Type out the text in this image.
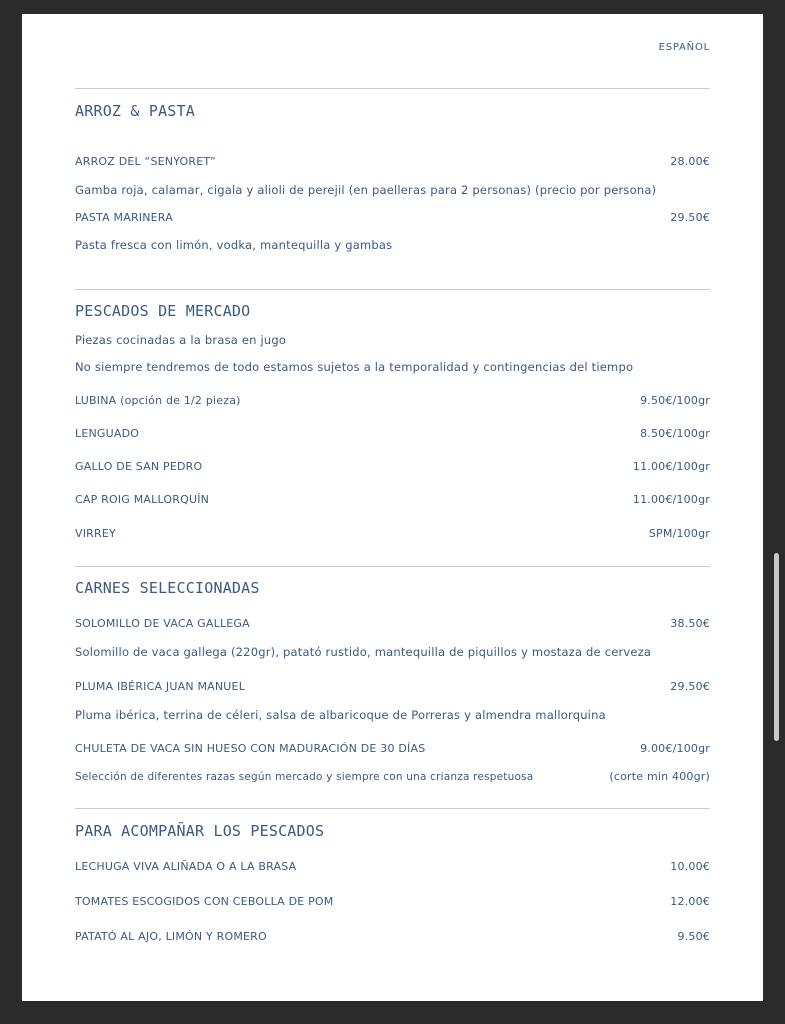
ESPAÑOL
ARROZ & PASTA
ARROZ DEL “SENYORET”	28.00€
Gamba roja, calamar, cigala y alioli de perejil (en paelleras para 2 personas) (precio por persona)
PASTA MARINERA	29.50€
Pasta fresca con limón, vodka, mantequilla y gambas
PESCADOS DE MERCADO
Piezas cocinadas a la brasa en jugo
No siempre tendremos de todo estamos sujetos a la temporalidad y contingencias del tiempo
LUBINA (opción de 1/2 pieza)	9.50€/100gr
LENGUADO	8.50€/100gr
GALLO DE SAN PEDRO	11.00€/100gr
CAP ROIG MALLORQUÍN	11.00€/100gr
VIRREY	SPM/100gr
CARNES SELECCIONADAS
SOLOMILLO DE VACA GALLEGA	38.50€
Solomillo de vaca gallega (220gr), patató rustido, mantequilla de piquillos y mostaza de cerveza
PLUMA IBÉRICA JUAN MANUEL	29.50€
Pluma ibérica, terrina de céleri, salsa de albaricoque de Porreras y almendra mallorquina
CHULETA DE VACA SIN HUESO CON MADURACIÓN DE 30 DÍAS	9.00€/100gr
Selección de diferentes razas según mercado y siempre con una crianza respetuosa	(corte min 400gr)
PARA ACOMPAÑAR LOS PESCADOS
LECHUGA VIVA ALIÑADA O A LA BRASA	10.00€
TOMATES ESCOGIDOS CON CEBOLLA DE POM	12.00€
PATATÓ AL AJO, LIMÓN Y ROMERO	9.50€
